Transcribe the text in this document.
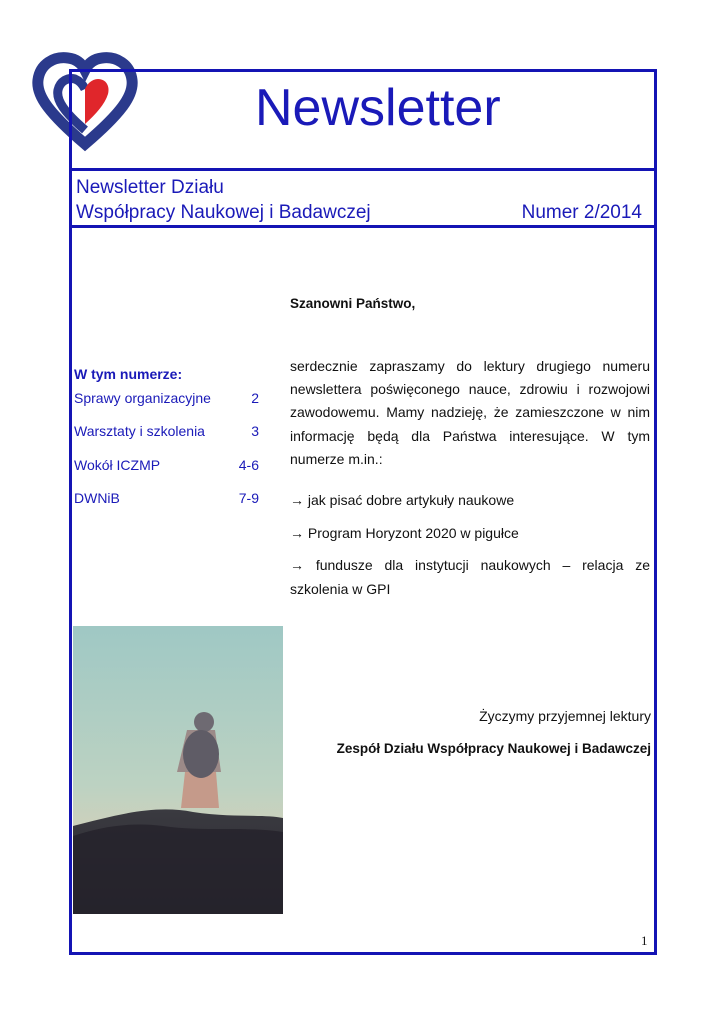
Newsletter
Newsletter Działu
Współpracy Naukowej i Badawczej	Numer 2/2014
W tym numerze:
Sprawy organizacyjne	2
Warsztaty i szkolenia	3
Wokół ICZMP	4-6
DWNiB	7-9
Szanowni Państwo,
serdecznie zapraszamy do lektury drugiego numeru newslettera poświęconego nauce, zdrowiu i rozwojowi zawodowemu. Mamy nadzieję, że zamieszczone w nim informację będą dla Państwa interesujące. W tym numerze m.in.:
→ jak pisać dobre artykuły naukowe
→ Program Horyzont 2020 w pigułce
→ fundusze dla instytucji naukowych – relacja ze szkolenia w GPI
Życzymy przyjemnej lektury
Zespół Działu Współpracy Naukowej i Badawczej
1
